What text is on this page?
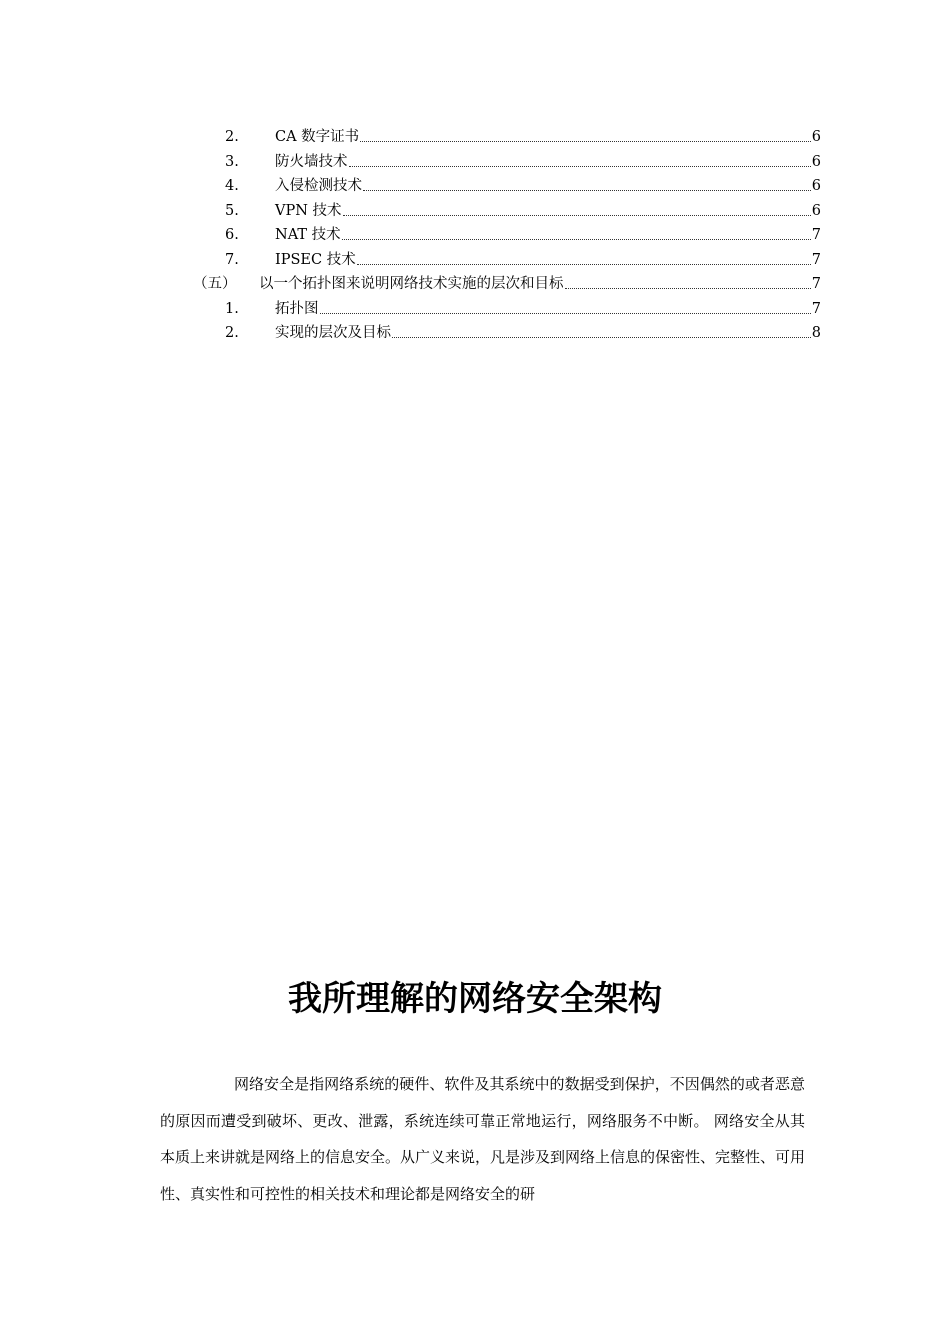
2.	CA 数字证书	6
3.	防火墙技术	6
4.	入侵检测技术	6
5.	VPN 技术	6
6.	NAT 技术	7
7.	IPSEC 技术	7
（五）	以一个拓扑图来说明网络技术实施的层次和目标	7
1.	拓扑图	7
2.	实现的层次及目标	8
我所理解的网络安全架构

网络安全是指网络系统的硬件、软件及其系统中的数据受到保护，不因偶然的或者恶意的原因而遭受到破坏、更改、泄露，系统连续可靠正常地运行，网络服务不中断。 网络安全从其本质上来讲就是网络上的信息安全。从广义来说，凡是涉及到网络上信息的保密性、完整性、可用性、真实性和可控性的相关技术和理论都是网络安全的研
